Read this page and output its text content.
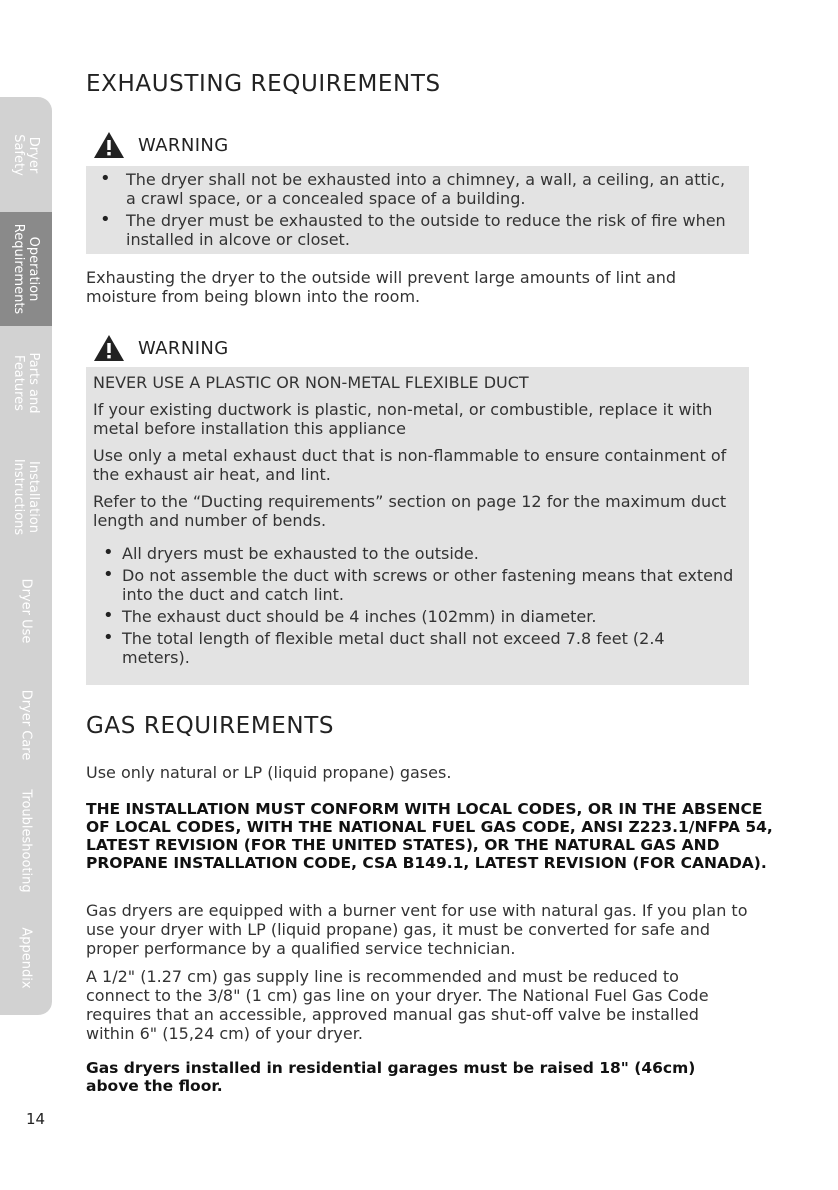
Dryer
Safety
Operation
Requirements
Parts and
Features
Installation
Instructions
Dryer Use
Dryer Care
Troubleshooting
Appendix
EXHAUSTING REQUIREMENTS
WARNING
• The dryer shall not be exhausted into a chimney, a wall, a ceiling, an attic, a crawl space, or a concealed space of a building.
• The dryer must be exhausted to the outside to reduce the risk of fire when installed in alcove or closet.
Exhausting the dryer to the outside will prevent large amounts of lint and moisture from being blown into the room.
WARNING

NEVER USE A PLASTIC OR NON-METAL FLEXIBLE DUCT

If your existing ductwork is plastic, non-metal, or combustible, replace it with metal before installation this appliance

Use only a metal exhaust duct that is non-flammable to ensure containment of the exhaust air heat, and lint.

Refer to the “Ducting requirements” section on page 12 for the maximum duct length and number of bends.

• All dryers must be exhausted to the outside.
• Do not assemble the duct with screws or other fastening means that extend into the duct and catch lint.
• The exhaust duct should be 4 inches (102mm) in diameter.
• The total length of flexible metal duct shall not exceed 7.8 feet (2.4 meters).
GAS REQUIREMENTS
Use only natural or LP (liquid propane) gases.
THE INSTALLATION MUST CONFORM WITH LOCAL CODES, OR IN THE ABSENCE OF LOCAL CODES, WITH THE NATIONAL FUEL GAS CODE, ANSI Z223.1/NFPA 54, LATEST REVISION (FOR THE UNITED STATES), OR THE NATURAL GAS AND PROPANE INSTALLATION CODE, CSA B149.1, LATEST REVISION (FOR CANADA).
Gas dryers are equipped with a burner vent for use with natural gas. If you plan to use your dryer with LP (liquid propane) gas, it must be converted for safe and proper performance by a qualified service technician.
A 1/2" (1.27 cm) gas supply line is recommended and must be reduced to connect to the 3/8" (1 cm) gas line on your dryer. The National Fuel Gas Code requires that an accessible, approved manual gas shut-off valve be installed within 6" (15,24 cm) of your dryer.
Gas dryers installed in residential garages must be raised 18" (46cm) above the floor.
14
